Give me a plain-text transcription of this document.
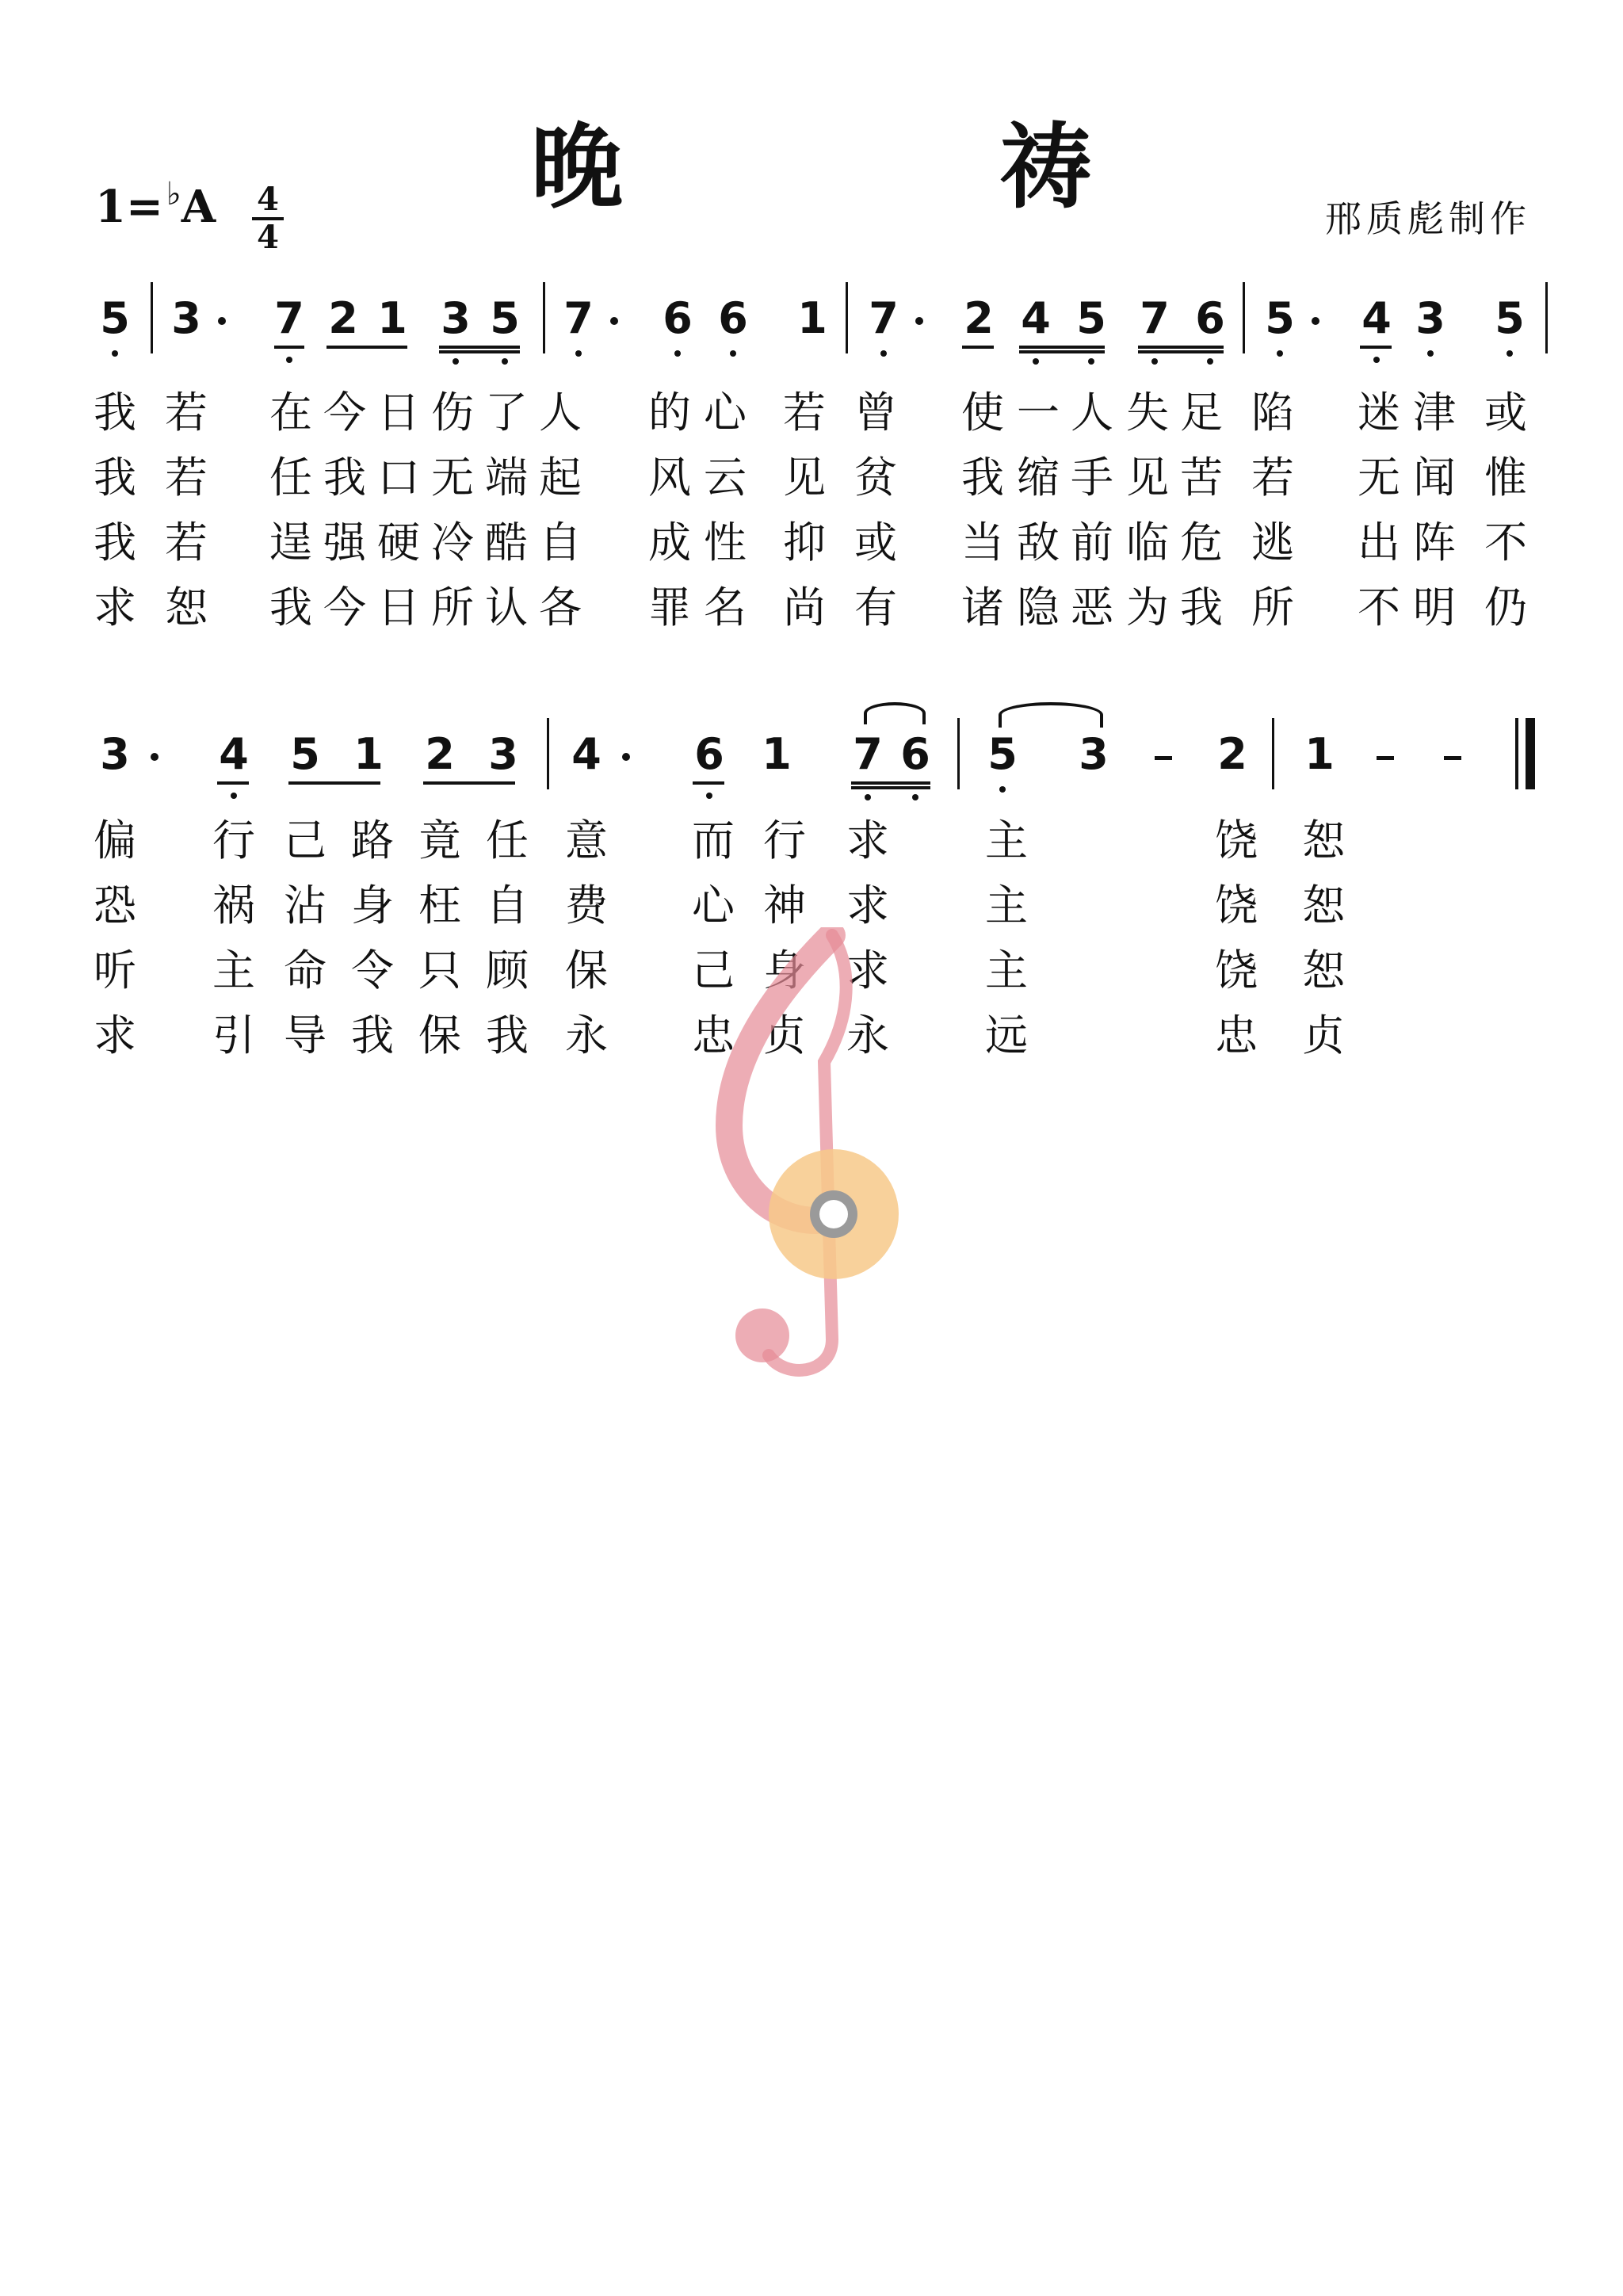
晚　祷
1= ♭A 4
4	邢质彪制作
5 3 7 2 1 3 5 7 6 6 1 7 2 4 5 7 6 5 4 3 5
我 若 在 今 日 伤 了 人 的 心 若 曾 使 一 人 失 足 陷 迷 津 或
我 若 任 我 口 无 端 起 风 云 见 贫 我 缩 手 见 苦 若 无 闻 惟
我 若 逞 强 硬 冷 酷 自 成 性 抑 或 当 敌 前 临 危 逃 出 阵 不
求 恕 我 今 日 所 认 各 罪 名 尚 有 诸 隐 恶 为 我 所 不 明 仍
3 4 5 1 2 3 4 6 1 7 6 5 3	2 1
偏 行 己 路 竟 任 意 而 行 求 主	饶 恕
恐 祸 沾 身 枉 自 费 心 神 求 主	饶 恕
听 主 命 令 只 顾 保 己 身 求 主	饶 恕
求 引 导 我 保 我 永 忠 贞 永 远	忠 贞
